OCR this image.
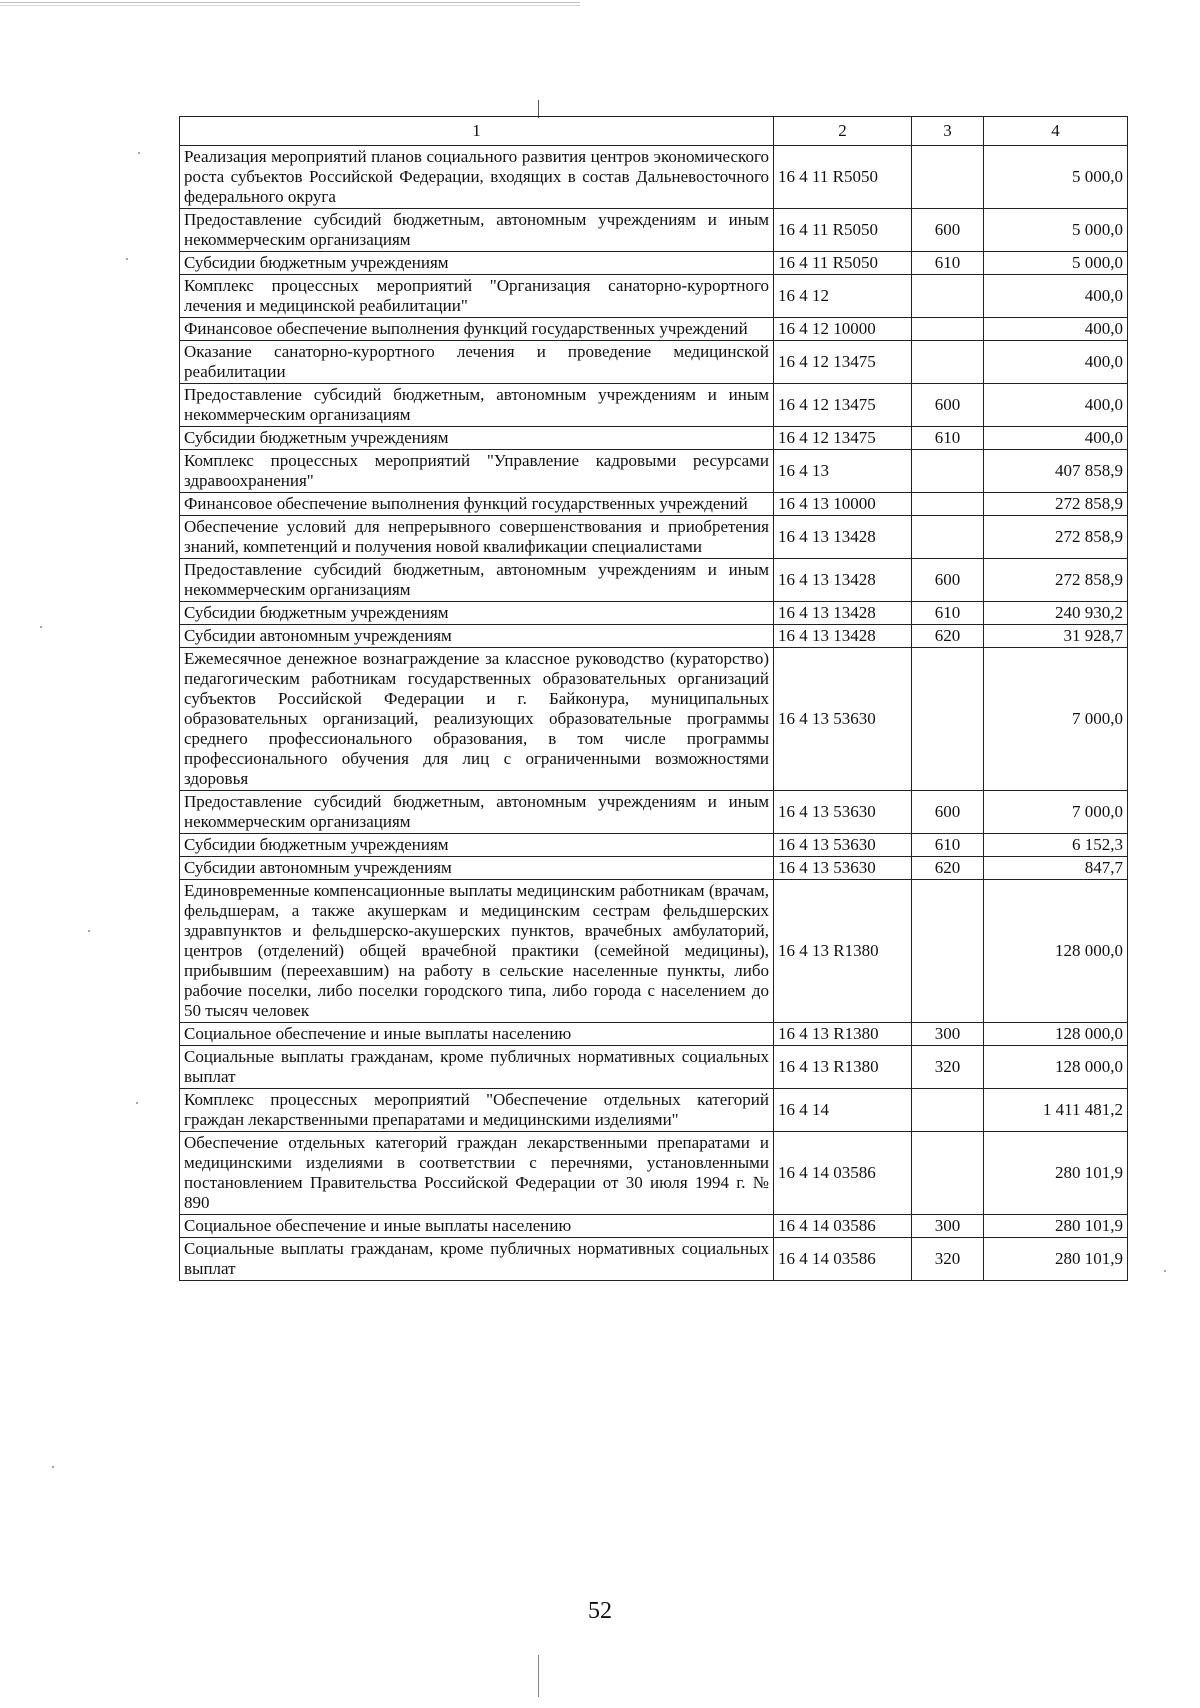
1	2	3	4
Реализация мероприятий планов социального развития центров экономического роста субъектов Российской Федерации, входящих в состав Дальневосточного федерального округа	16 4 11 R5050		5 000,0
Предоставление субсидий бюджетным, автономным учреждениям и иным некоммерческим организациям	16 4 11 R5050	600	5 000,0
Субсидии бюджетным учреждениям	16 4 11 R5050	610	5 000,0
Комплекс процессных мероприятий "Организация санаторно-курортного лечения и медицинской реабилитации"	16 4 12		400,0
Финансовое обеспечение выполнения функций государственных учреждений	16 4 12 10000		400,0
Оказание санаторно-курортного лечения и проведение медицинской реабилитации	16 4 12 13475		400,0
Предоставление субсидий бюджетным, автономным учреждениям и иным некоммерческим организациям	16 4 12 13475	600	400,0
Субсидии бюджетным учреждениям	16 4 12 13475	610	400,0
Комплекс процессных мероприятий "Управление кадровыми ресурсами здравоохранения"	16 4 13		407 858,9
Финансовое обеспечение выполнения функций государственных учреждений	16 4 13 10000		272 858,9
Обеспечение условий для непрерывного совершенствования и приобретения знаний, компетенций и получения новой квалификации специалистами	16 4 13 13428		272 858,9
Предоставление субсидий бюджетным, автономным учреждениям и иным некоммерческим организациям	16 4 13 13428	600	272 858,9
Субсидии бюджетным учреждениям	16 4 13 13428	610	240 930,2
Субсидии автономным учреждениям	16 4 13 13428	620	31 928,7
Ежемесячное денежное вознаграждение за классное руководство (кураторство) педагогическим работникам государственных образовательных организаций субъектов Российской Федерации и г. Байконура, муниципальных образовательных организаций, реализующих образовательные программы среднего профессионального образования, в том числе программы профессионального обучения для лиц с ограниченными возможностями здоровья	16 4 13 53630		7 000,0
Предоставление субсидий бюджетным, автономным учреждениям и иным некоммерческим организациям	16 4 13 53630	600	7 000,0
Субсидии бюджетным учреждениям	16 4 13 53630	610	6 152,3
Субсидии автономным учреждениям	16 4 13 53630	620	847,7
Единовременные компенсационные выплаты медицинским работникам (врачам, фельдшерам, а также акушеркам и медицинским сестрам фельдшерских здравпунктов и фельдшерско-акушерских пунктов, врачебных амбулаторий, центров (отделений) общей врачебной практики (семейной медицины), прибывшим (переехавшим) на работу в сельские населенные пункты, либо рабочие поселки, либо поселки городского типа, либо города с населением до 50 тысяч человек	16 4 13 R1380		128 000,0
Социальное обеспечение и иные выплаты населению	16 4 13 R1380	300	128 000,0
Социальные выплаты гражданам, кроме публичных нормативных социальных выплат	16 4 13 R1380	320	128 000,0
Комплекс процессных мероприятий "Обеспечение отдельных категорий граждан лекарственными препаратами и медицинскими изделиями"	16 4 14		1 411 481,2
Обеспечение отдельных категорий граждан лекарственными препаратами и медицинскими изделиями в соответствии с перечнями, установленными постановлением Правительства Российской Федерации от 30 июля 1994 г. № 890	16 4 14 03586		280 101,9
Социальное обеспечение и иные выплаты населению	16 4 14 03586	300	280 101,9
Социальные выплаты гражданам, кроме публичных нормативных социальных выплат	16 4 14 03586	320	280 101,9
52
